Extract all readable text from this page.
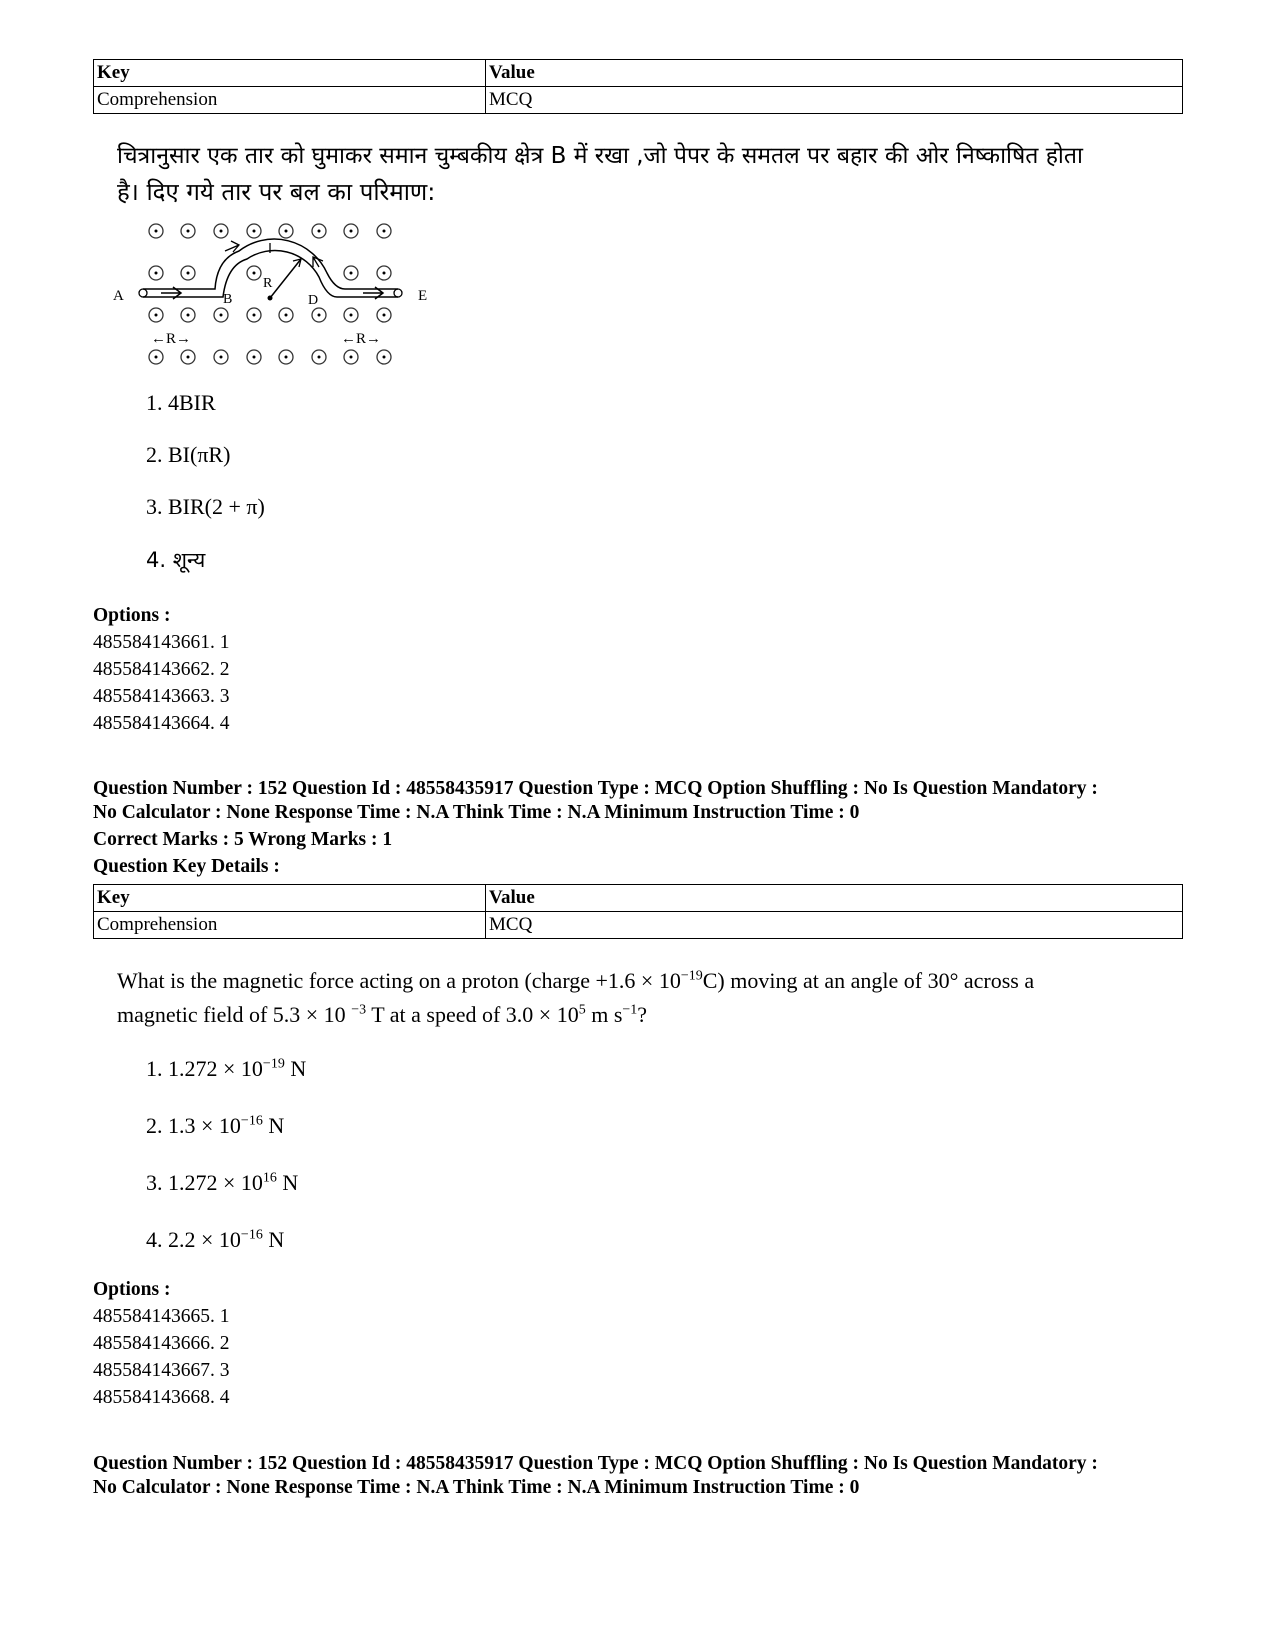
Key	Value
Comprehension	MCQ
चित्रानुसार एक तार को घुमाकर समान चुम्बकीय क्षेत्र B में रखा ,जो पेपर के समतल पर बहार की ओर निष्काषित होता
है। दिए गये तार पर बल का परिमाण:
A	B
R
D	E
←R→	←R→
1. 4BIR
2. BI(πR)
3. BIR(2 + π)
4. शून्य
Options :
485584143661. 1
485584143662. 2
485584143663. 3
485584143664. 4
Question Number : 152 Question Id : 48558435917 Question Type : MCQ Option Shuffling : No Is Question Mandatory :
No Calculator : None Response Time : N.A Think Time : N.A Minimum Instruction Time : 0
Correct Marks : 5 Wrong Marks : 1
Question Key Details :
Key	Value
Comprehension	MCQ
What is the magnetic force acting on a proton (charge $+1.6 \times 10^{-19}C$) moving at an angle of 30° across a
magnetic field of 5.3 × 10 $^{-3}$ T at a speed of $3.0 \times 10^5$ m $s^{-1}$?
1. $1.272 \times 10^{-19}$ N
2. $1.3 \times 10^{-16}$ N
3. $1.272 \times 10^{16}$ N
4. $2.2 \times 10^{-16}$ N
Options :
485584143665. 1
485584143666. 2
485584143667. 3
485584143668. 4
Question Number : 152 Question Id : 48558435917 Question Type : MCQ Option Shuffling : No Is Question Mandatory :
No Calculator : None Response Time : N.A Think Time : N.A Minimum Instruction Time : 0
